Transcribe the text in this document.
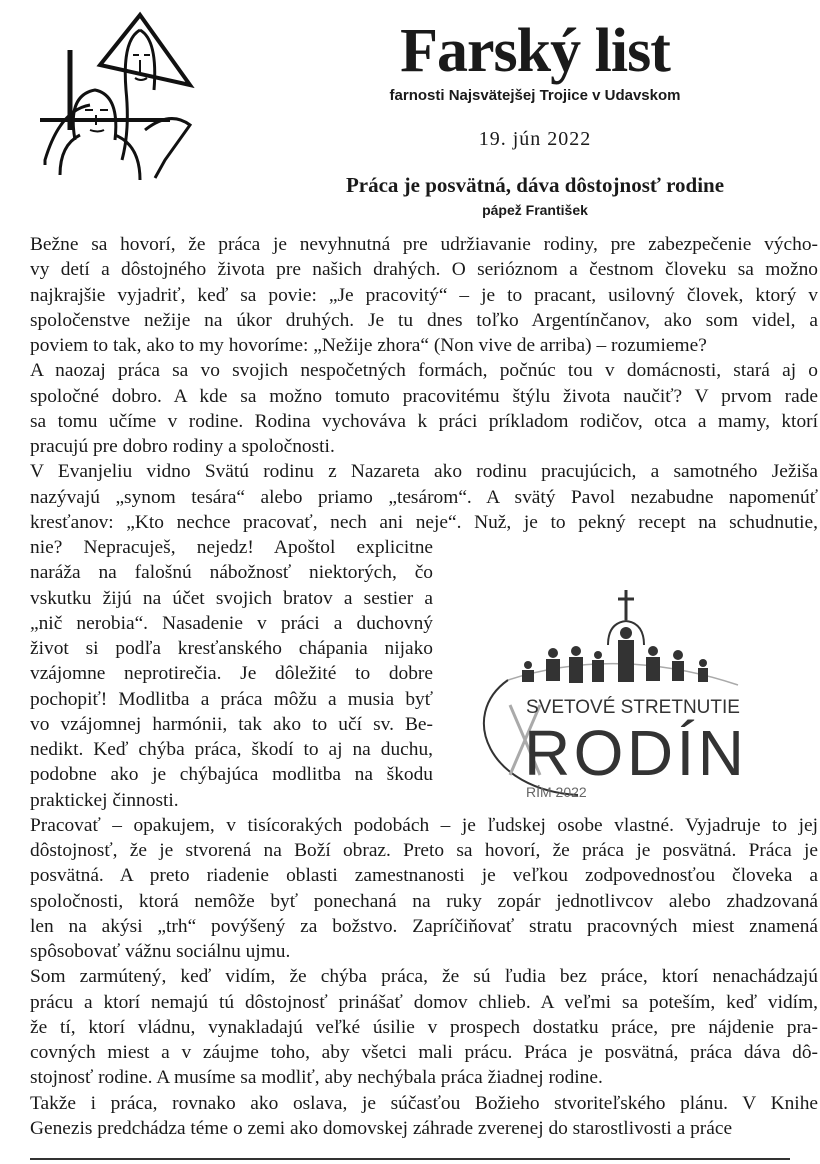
Farský list
farnosti Najsvätejšej Trojice v Udavskom
19. jún 2022
Práca je posvätná, dáva dôstojnosť rodine
pápež František
Bežne sa hovorí, že práca je nevyhnutná pre udržiavanie rodiny, pre zabezpečenie výcho-
vy detí a dôstojného života pre našich drahých. O serióznom a čestnom človeku sa možno
najkrajšie vyjadriť, keď sa povie: „Je pracovitý“ – je to pracant, usilovný človek, ktorý v
spoločenstve nežije na úkor druhých. Je tu dnes toľko Argentínčanov, ako som videl, a
poviem to tak, ako to my hovoríme: „Nežije zhora“ (Non vive de arriba) – rozumieme?
A naozaj práca sa vo svojich nespočetných formách, počnúc tou v domácnosti, stará aj o
spoločné dobro. A kde sa možno tomuto pracovitému štýlu života naučiť? V prvom rade
sa tomu učíme v rodine. Rodina vychováva k práci príkladom rodičov, otca a mamy, ktorí
pracujú pre dobro rodiny a spoločnosti.
V Evanjeliu vidno Svätú rodinu z Nazareta ako rodinu pracujúcich, a samotného Ježiša
nazývajú „synom tesára“ alebo priamo „tesárom“. A svätý Pavol nezabudne napomenúť
kresťanov: „Kto nechce pracovať, nech ani neje“. Nuž, je to pekný recept na schudnutie,
nie? Nepracuješ, nejedz! Apoštol explicitne
naráža na falošnú nábožnosť niektorých, čo
vskutku žijú na účet svojich bratov a sestier a
„nič nerobia“. Nasadenie v práci a duchovný
život si podľa kresťanského chápania nijako
vzájomne neprotirečia. Je dôležité to dobre
pochopiť! Modlitba a práca môžu a musia byť
vo vzájomnej harmónii, tak ako to učí sv. Be-
nedikt. Keď chýba práca, škodí to aj na duchu,
podobne ako je chýbajúca modlitba na škodu
praktickej činnosti.
Pracovať – opakujem, v tisícorakých podobách – je ľudskej osobe vlastné. Vyjadruje to jej
dôstojnosť, že je stvorená na Boží obraz. Preto sa hovorí, že práca je posvätná. Práca je
posvätná. A preto riadenie oblasti zamestnanosti je veľkou zodpovednosťou človeka a
spoločnosti, ktorá nemôže byť ponechaná na ruky zopár jednotlivcov alebo zhadzovaná
len na akýsi „trh“ povýšený za božstvo. Zapríčiňovať stratu pracovných miest znamená
spôsobovať vážnu sociálnu ujmu.
Som zarmútený, keď vidím, že chýba práca, že sú ľudia bez práce, ktorí nenachádzajú
prácu a ktorí nemajú tú dôstojnosť prinášať domov chlieb. A veľmi sa poteším, keď vidím,
že tí, ktorí vládnu, vynakladajú veľké úsilie v prospech dostatku práce, pre nájdenie pra-
covných miest a v záujme toho, aby všetci mali prácu. Práca je posvätná, práca dáva dô-
stojnosť rodine. A musíme sa modliť, aby nechýbala práca žiadnej rodine.
Takže i práca, rovnako ako oslava, je súčasťou Božieho stvoriteľského plánu. V Knihe
Genezis predchádza téme o zemi ako domovskej záhrade zverenej do starostlivosti a práce
SVETOVÉ STRETNUTIE
RODÍN
RÍM 2022
